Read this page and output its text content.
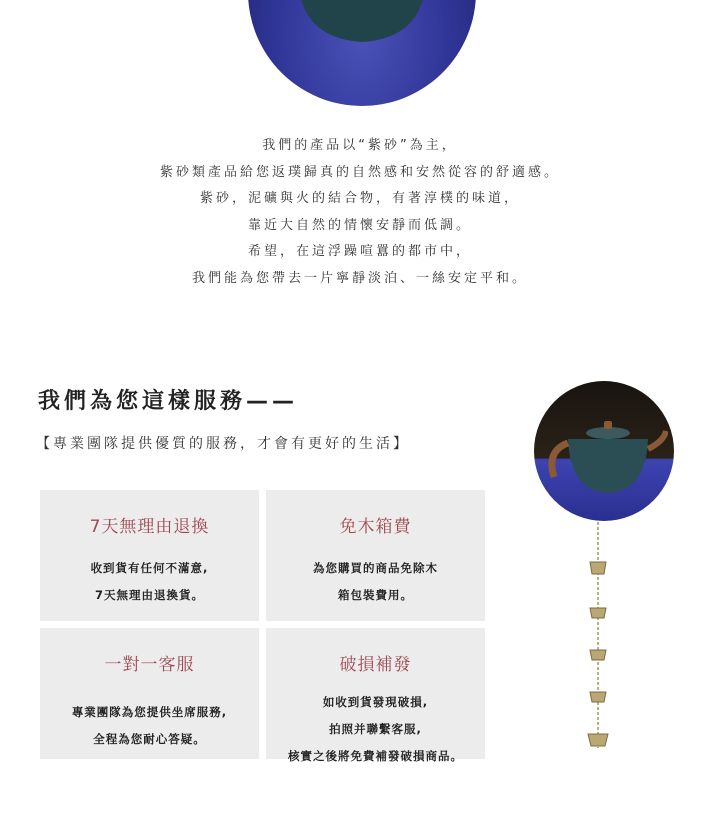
我們的產品以“紫砂”為主，

紫砂類產品給您返璞歸真的自然感和安然從容的舒適感。

紫砂，泥礦與火的結合物，有著淳樸的味道，

靠近大自然的情懷安靜而低調。

希望，在這浮躁喧囂的都市中，

我們能為您帶去一片寧靜淡泊、一絲安定平和。

我們為您這樣服務——

【專業團隊提供優質的服務，才會有更好的生活】

7天無理由退換
收到貨有任何不滿意,
7天無理由退換貨。
免木箱費
為您購買的商品免除木
箱包裝費用。
一對一客服
專業團隊為您提供坐席服務,
全程為您耐心答疑。
破損補發
如收到貨發現破損,
拍照并聯繫客服,
核實之後將免費補發破損商品。
